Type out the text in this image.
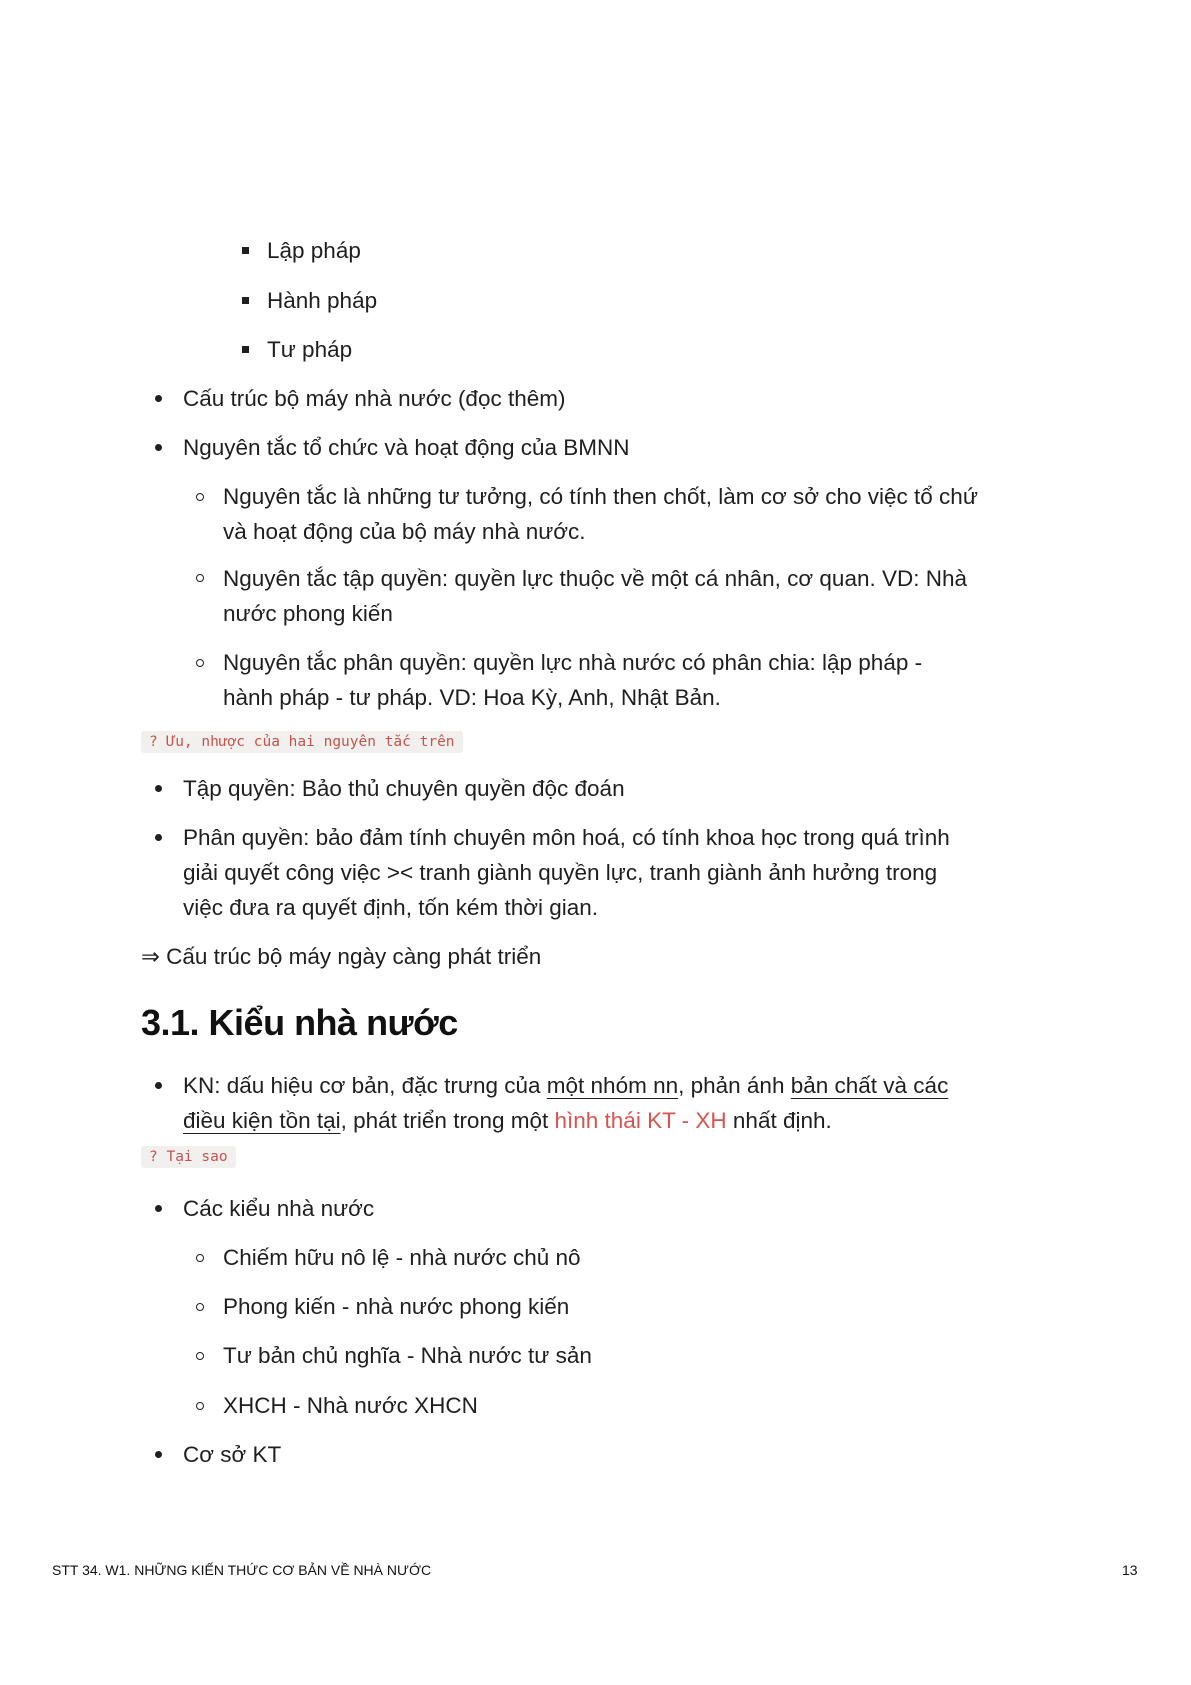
Lập pháp
Hành pháp
Tư pháp
Cấu trúc bộ máy nhà nước (đọc thêm)
Nguyên tắc tổ chức và hoạt động của BMNN
Nguyên tắc là những tư tưởng, có tính then chốt, làm cơ sở cho việc tổ chứ
và hoạt động của bộ máy nhà nước.
Nguyên tắc tập quyền: quyền lực thuộc về một cá nhân, cơ quan. VD: Nhà
nước phong kiến
Nguyên tắc phân quyền: quyền lực nhà nước có phân chia: lập pháp -
hành pháp - tư pháp. VD: Hoa Kỳ, Anh, Nhật Bản.
? Ưu, nhược của hai nguyên tắc trên
Tập quyền: Bảo thủ chuyên quyền độc đoán
Phân quyền: bảo đảm tính chuyên môn hoá, có tính khoa học trong quá trình
giải quyết công việc >< tranh giành quyền lực, tranh giành ảnh hưởng trong
việc đưa ra quyết định, tốn kém thời gian.
⇒ Cấu trúc bộ máy ngày càng phát triển
3.1. Kiểu nhà nước
KN: dấu hiệu cơ bản, đặc trưng của một nhóm nn, phản ánh bản chất và các
điều kiện tồn tại, phát triển trong một hình thái KT - XH nhất định.
? Tại sao
Các kiểu nhà nước
Chiếm hữu nô lệ - nhà nước chủ nô
Phong kiến - nhà nước phong kiến
Tư bản chủ nghĩa - Nhà nước tư sản
XHCH - Nhà nước XHCN
Cơ sở KT
STT 34. W1. NHỮNG KIẾN THỨC CƠ BẢN VỀ NHÀ NƯỚC	13
